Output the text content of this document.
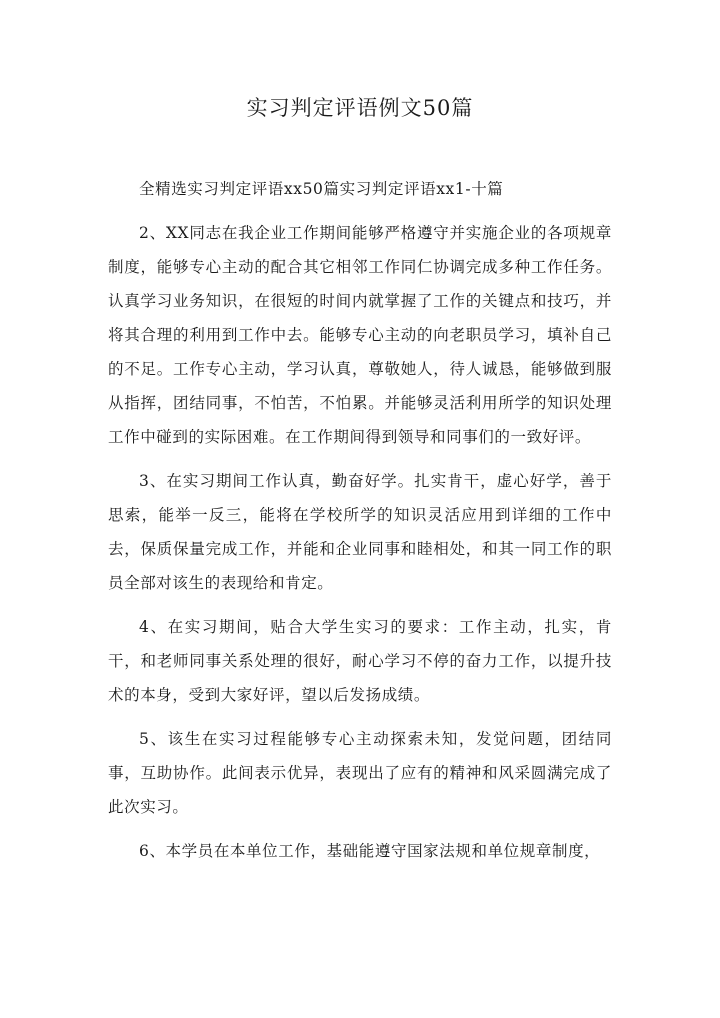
实习判定评语例文50篇

全精选实习判定评语xx50篇实习判定评语xx1-十篇

2、XX同志在我企业工作期间能够严格遵守并实施企业的各项规章制度，能够专心主动的配合其它相邻工作同仁协调完成多种工作任务。认真学习业务知识，在很短的时间内就掌握了工作的关键点和技巧，并将其合理的利用到工作中去。能够专心主动的向老职员学习，填补自己的不足。工作专心主动，学习认真，尊敬她人，待人诚恳，能够做到服从指挥，团结同事，不怕苦，不怕累。并能够灵活利用所学的知识处理工作中碰到的实际困难。在工作期间得到领导和同事们的一致好评。

3、在实习期间工作认真，勤奋好学。扎实肯干，虚心好学，善于思索，能举一反三，能将在学校所学的知识灵活应用到详细的工作中去，保质保量完成工作，并能和企业同事和睦相处，和其一同工作的职员全部对该生的表现给和肯定。

4、在实习期间，贴合大学生实习的要求：工作主动，扎实，肯干，和老师同事关系处理的很好，耐心学习不停的奋力工作，以提升技术的本身，受到大家好评，望以后发扬成绩。

5、该生在实习过程能够专心主动探索未知，发觉问题，团结同事，互助协作。此间表示优异，表现出了应有的精神和风采圆满完成了此次实习。

6、本学员在本单位工作，基础能遵守国家法规和单位规章制度，
